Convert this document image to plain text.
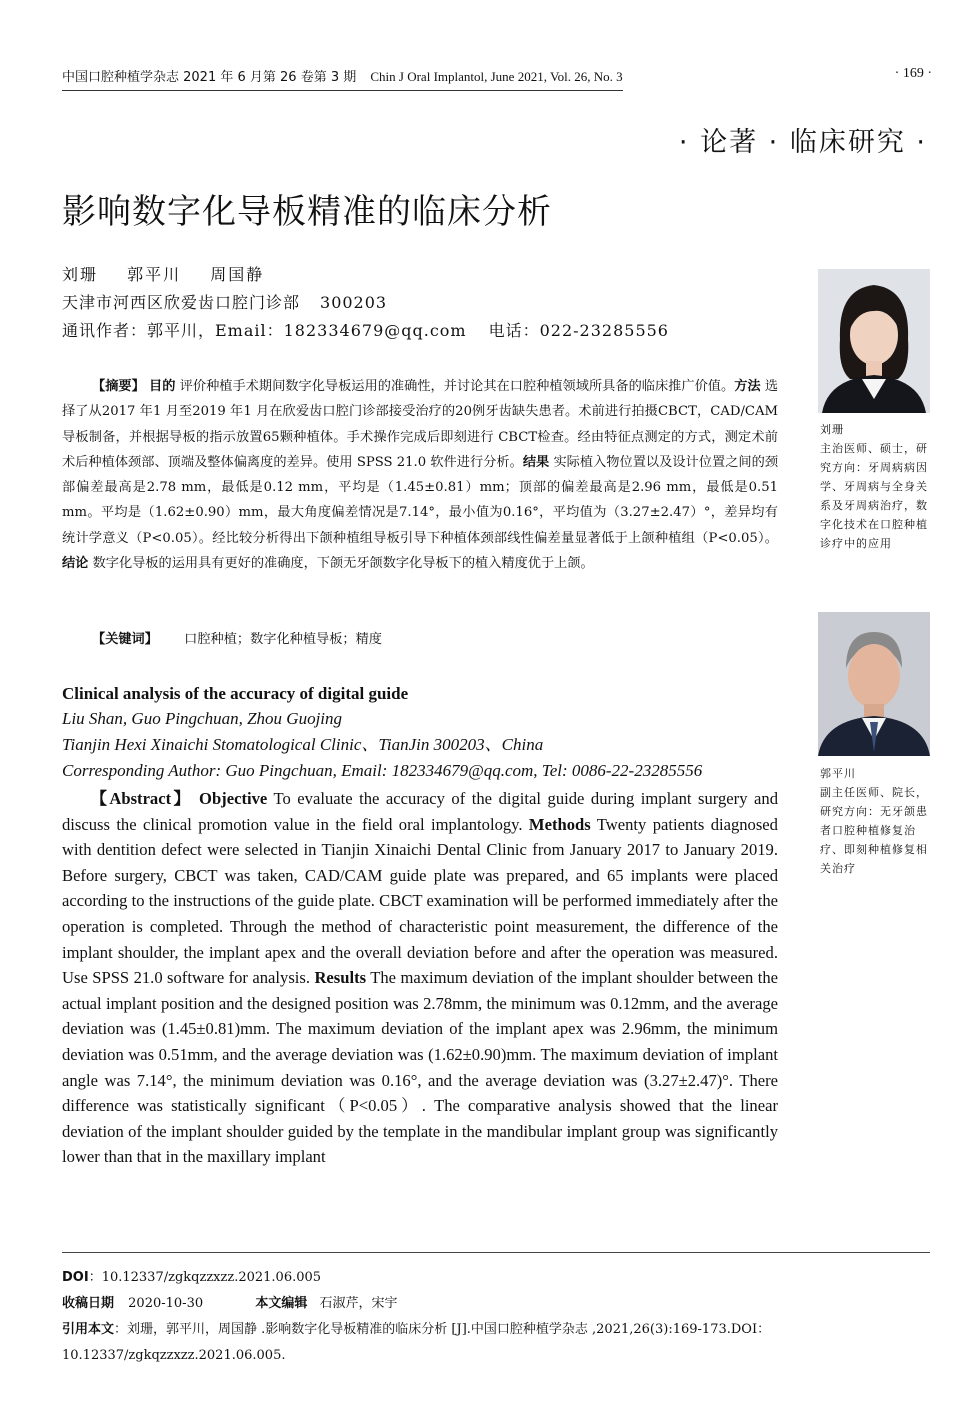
中国口腔种植学杂志 2021 年 6 月第 26 卷第 3 期 Chin J Oral Implantol, June 2021, Vol. 26, No. 3	· 169 ·
· 论著 · 临床研究 ·
影响数字化导板精准的临床分析
刘珊 郭平川 周国静
天津市河西区欣爱齿口腔门诊部 300203
通讯作者：郭平川，Email：182334679@qq.com 电话：022-23285556
【摘要】 目的 评价种植手术期间数字化导板运用的准确性，并讨论其在口腔种植领域所具备的临床推广价值。方法 选择了从2017 年1 月至2019 年1 月在欣爱齿口腔门诊部接受治疗的20例牙齿缺失患者。术前进行拍摄CBCT，CAD/CAM导板制备，并根据导板的指示放置65颗种植体。手术操作完成后即刻进行 CBCT检查。经由特征点测定的方式，测定术前术后种植体颈部、顶端及整体偏离度的差异。使用 SPSS 21.0 软件进行分析。结果 实际植入物位置以及设计位置之间的颈部偏差最高是2.78 mm，最低是0.12 mm，平均是（1.45±0.81）mm；顶部的偏差最高是2.96 mm，最低是0.51 mm。平均是（1.62±0.90）mm，最大角度偏差情况是7.14°，最小值为0.16°，平均值为（3.27±2.47）°，差异均有统计学意义（P<0.05）。经比较分析得出下颌种植组导板引导下种植体颈部线性偏差量显著低于上颌种植组（P<0.05）。 结论 数字化导板的运用具有更好的准确度，下颌无牙颌数字化导板下的植入精度优于上颌。
【关键词】 口腔种植；数字化种植导板；精度
Clinical analysis of the accuracy of digital guide
Liu Shan, Guo Pingchuan, Zhou Guojing
Tianjin Hexi Xinaichi Stomatological Clinic、TianJin 300203、China
Corresponding Author: Guo Pingchuan, Email: 182334679@qq.com, Tel: 0086-22-23285556
【Abstract】 Objective To evaluate the accuracy of the digital guide during implant surgery and discuss the clinical promotion value in the field oral implantology. Methods Twenty patients diagnosed with dentition defect were selected in Tianjin Xinaichi Dental Clinic from January 2017 to January 2019. Before surgery, CBCT was taken, CAD/CAM guide plate was prepared, and 65 implants were placed according to the instructions of the guide plate. CBCT examination will be performed immediately after the operation is completed. Through the method of characteristic point measurement, the difference of the implant shoulder, the implant apex and the overall deviation before and after the operation was measured. Use SPSS 21.0 software for analysis. Results The maximum deviation of the implant shoulder between the actual implant position and the designed position was 2.78mm, the minimum was 0.12mm, and the average deviation was (1.45±0.81)mm. The maximum deviation of the implant apex was 2.96mm, the minimum deviation was 0.51mm, and the average deviation was (1.62±0.90)mm. The maximum deviation of implant angle was 7.14°, the minimum deviation was 0.16°, and the average deviation was (3.27±2.47)°. There difference was statistically significant（P<0.05）. The comparative analysis showed that the linear deviation of the implant shoulder guided by the template in the mandibular implant group was significantly lower than that in the maxillary implant
刘珊
主治医师、硕士，研究方向：牙周病病因学、牙周病与全身关系及牙周病治疗，数字化技术在口腔种植诊疗中的应用
郭平川
副主任医师、院长，研究方向：无牙颌患者口腔种植修复治疗、即刻种植修复相关治疗
DOI：10.12337/zgkqzzxzz.2021.06.005
收稿日期 2020-10-30	本文编辑 石淑芹，宋宇
引用本文：刘珊，郭平川，周国静 .影响数字化导板精准的临床分析 [J].中国口腔种植学杂志 ,2021,26(3):169-173.DOI：10.12337/zgkqzzxzz.2021.06.005.
